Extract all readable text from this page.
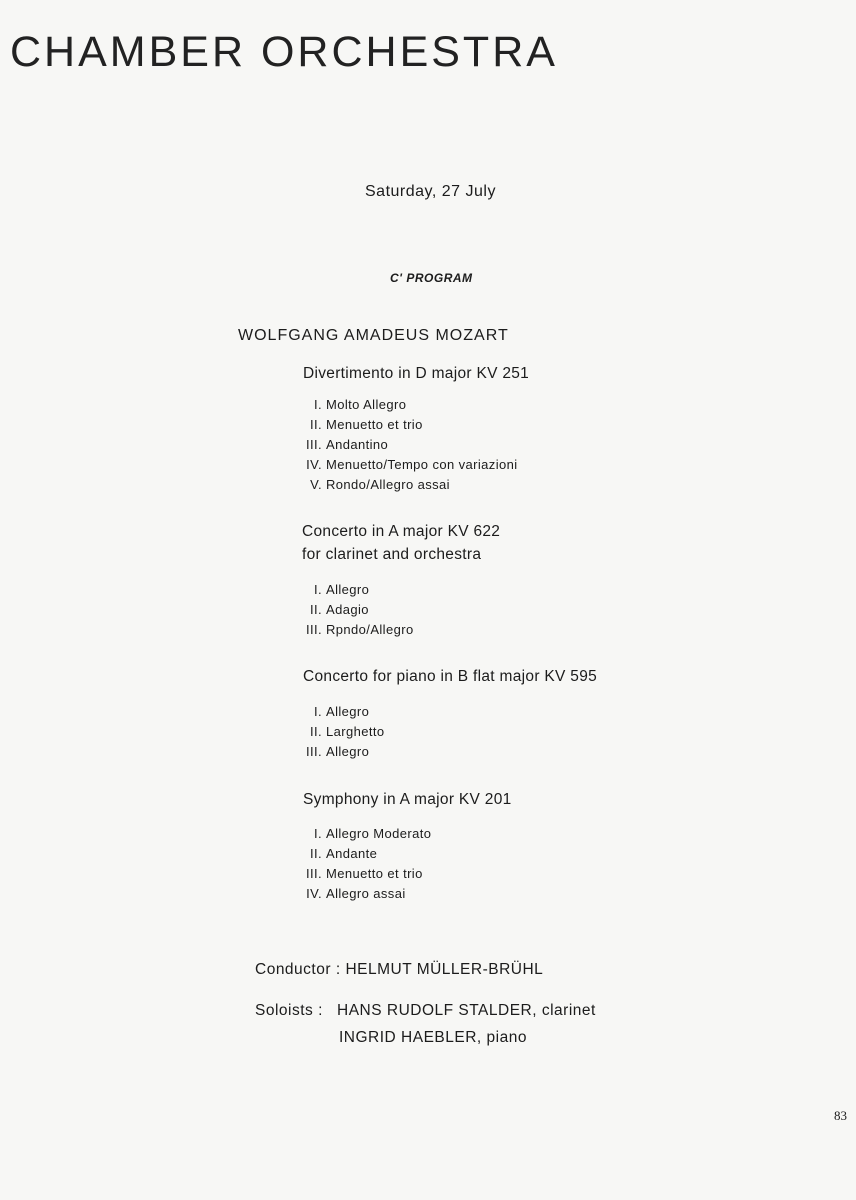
CHAMBER ORCHESTRA
Saturday, 27 July
C' PROGRAM
WOLFGANG AMADEUS MOZART
Divertimento in D major KV 251
I. Molto Allegro
II. Menuetto et trio
III. Andantino
IV. Menuetto/Tempo con variazioni
V. Rondo/Allegro assai
Concerto in A major KV 622
for clarinet and orchestra
I. Allegro
II. Adagio
III. Rpndo/Allegro
Concerto for piano in B flat major KV 595
I. Allegro
II. Larghetto
III. Allegro
Symphony in A major KV 201
I. Allegro Moderato
II. Andante
III. Menuetto et trio
IV. Allegro assai
Conductor : HELMUT MÜLLER-BRÜHL
Soloists : HANS RUDOLF STALDER, clarinet
INGRID HAEBLER, piano
83
